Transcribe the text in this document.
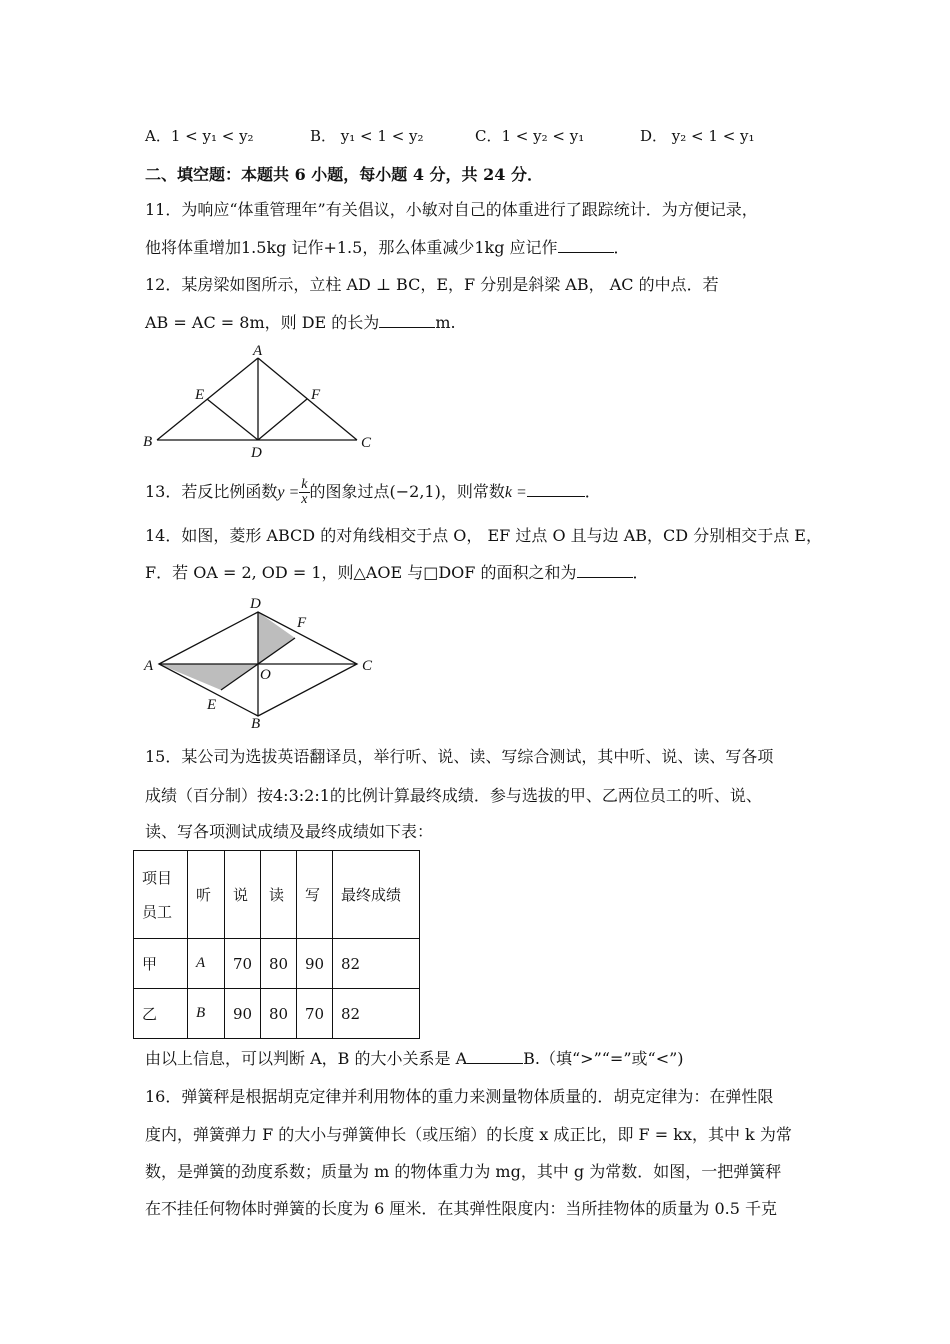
A．1 < y₁ < y₂	B． y₁ < 1 < y₂	C．1 < y₂ < y₁	D． y₂ < 1 < y₁
二、填空题：本题共 6 小题，每小题 4 分，共 24 分．
11．为响应“体重管理年”有关倡议，小敏对自己的体重进行了跟踪统计．为方便记录，
他将体重增加1.5kg 记作+1.5，那么体重减少1kg 应记作	．
12．某房梁如图所示，立柱 AD ⊥ BC，E，F 分别是斜梁 AB， AC 的中点．若
AB = AC = 8m，则 DE 的长为	m.
A
B	C
D
E	F
13．若反比例函数$y = \frac{k}{x}$ 的图象过点(−2,1)，则常数k =	．
14．如图，菱形 ABCD 的对角线相交于点 O， EF 过点 O 且与边 AB，CD 分别相交于点 E，
F．若 OA = 2, OD = 1，则△AOE 与□DOF 的面积之和为	．
A
D
C
B
E
F
O
15．某公司为选拔英语翻译员，举行听、说、读、写综合测试，其中听、说、读、写各项
成绩（百分制）按4:3:2:1的比例计算最终成绩．参与选拔的甲、乙两位员工的听、说、
读、写各项测试成绩及最终成绩如下表：
项目
员工	听	说	读	写	最终成绩
甲	A	70	80	90	82
乙	B	90	80	70	82
由以上信息，可以判断 A，B 的大小关系是 A	B.（填“>”“=”或“<”)
16．弹簧秤是根据胡克定律并利用物体的重力来测量物体质量的．胡克定律为：在弹性限
度内，弹簧弹力 F 的大小与弹簧伸长（或压缩）的长度 x 成正比，即 F = kx，其中 k 为常
数，是弹簧的劲度系数；质量为 m 的物体重力为 mg，其中 g 为常数．如图，一把弹簧秤
在不挂任何物体时弹簧的长度为 6 厘米．在其弹性限度内：当所挂物体的质量为 0.5 千克
